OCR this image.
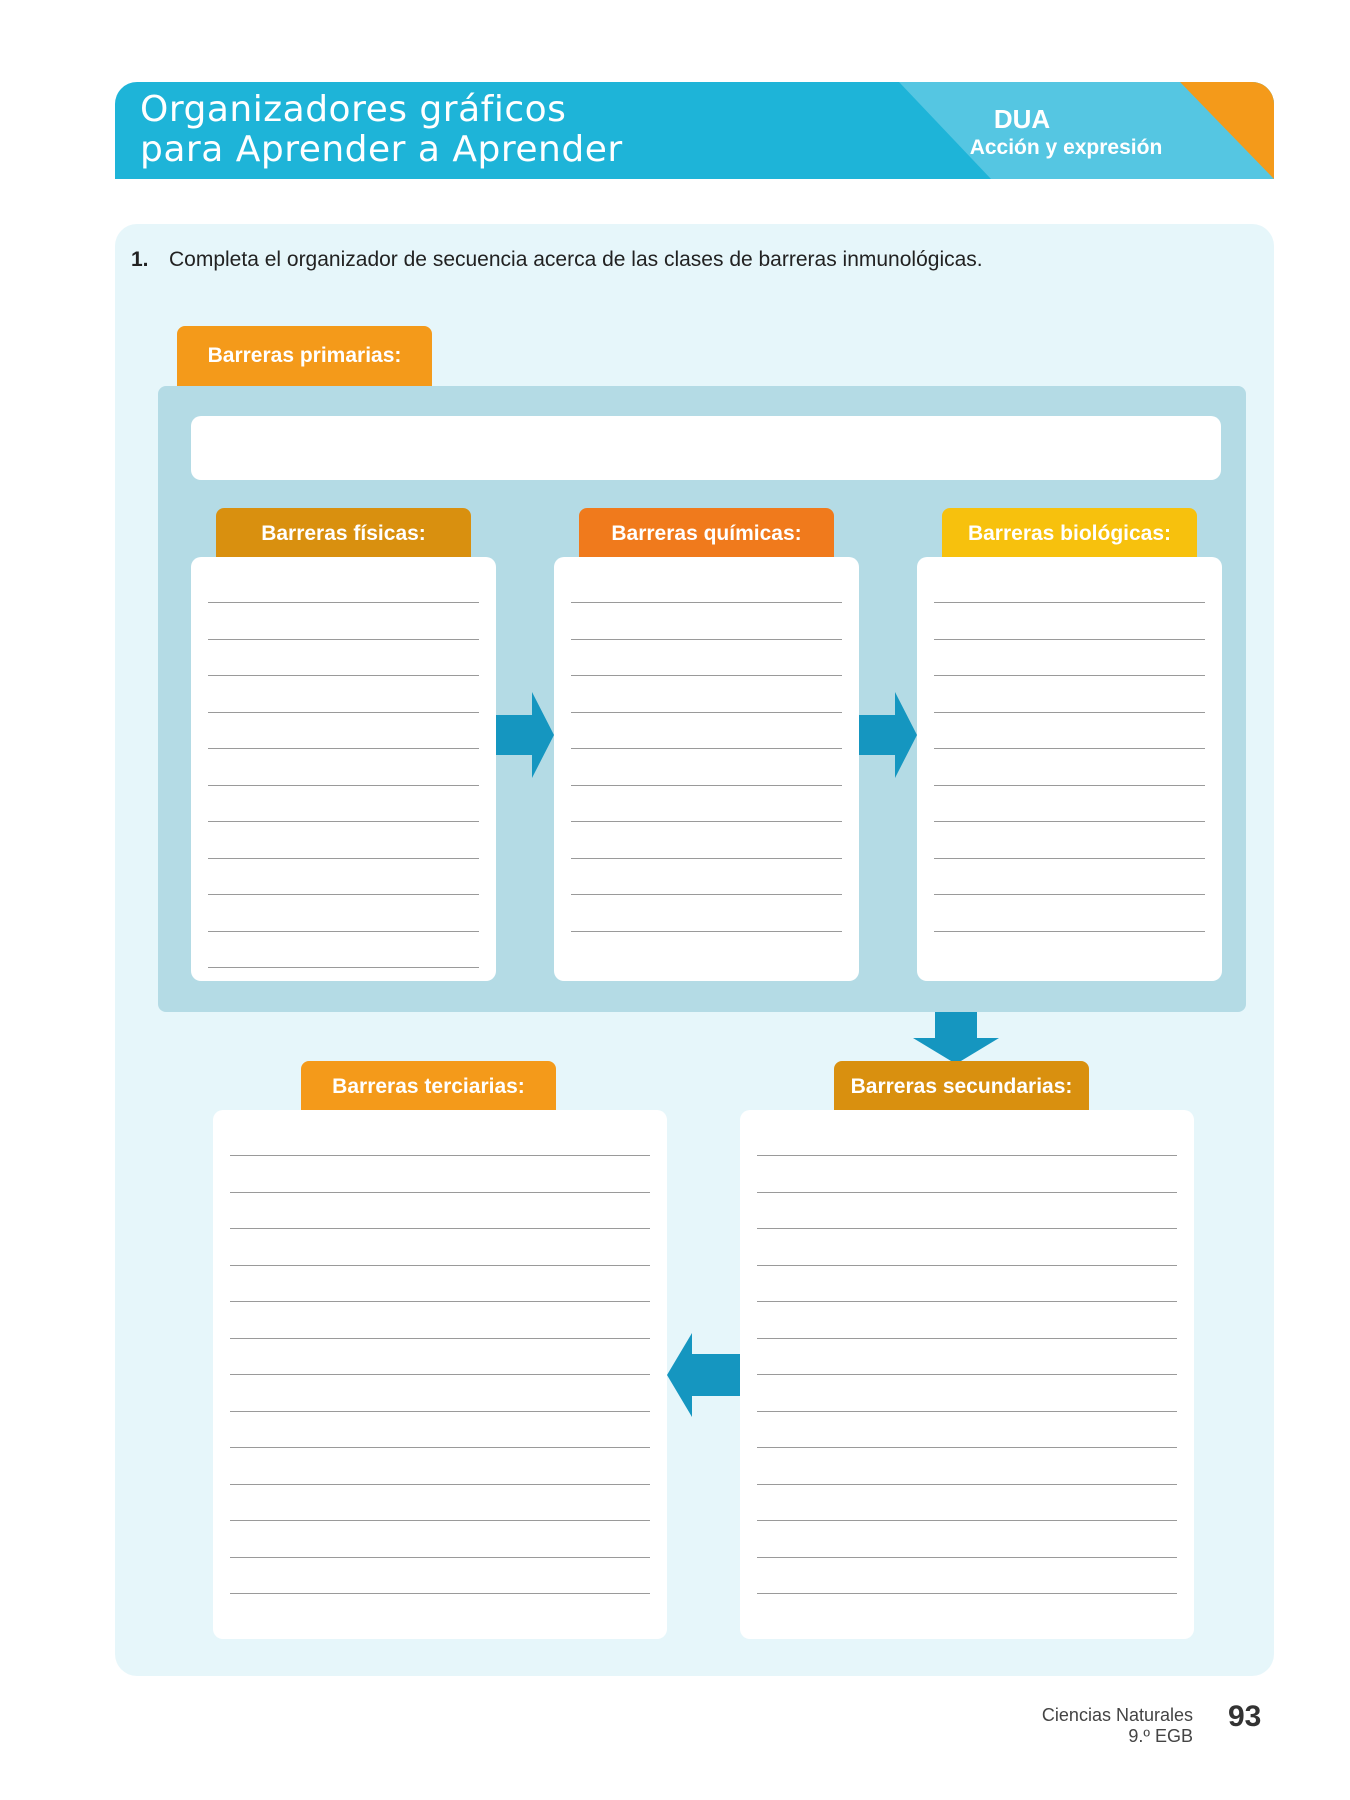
Organizadores gráficos
para Aprender a Aprender
DUA
Acción y expresión
1. Completa el organizador de secuencia acerca de las clases de barreras inmunológicas.
Barreras primarias:
Barreras físicas:	Barreras químicas:	Barreras biológicas:
Barreras terciarias:	Barreras secundarias:
Ciencias Naturales
9.º EGB
93
